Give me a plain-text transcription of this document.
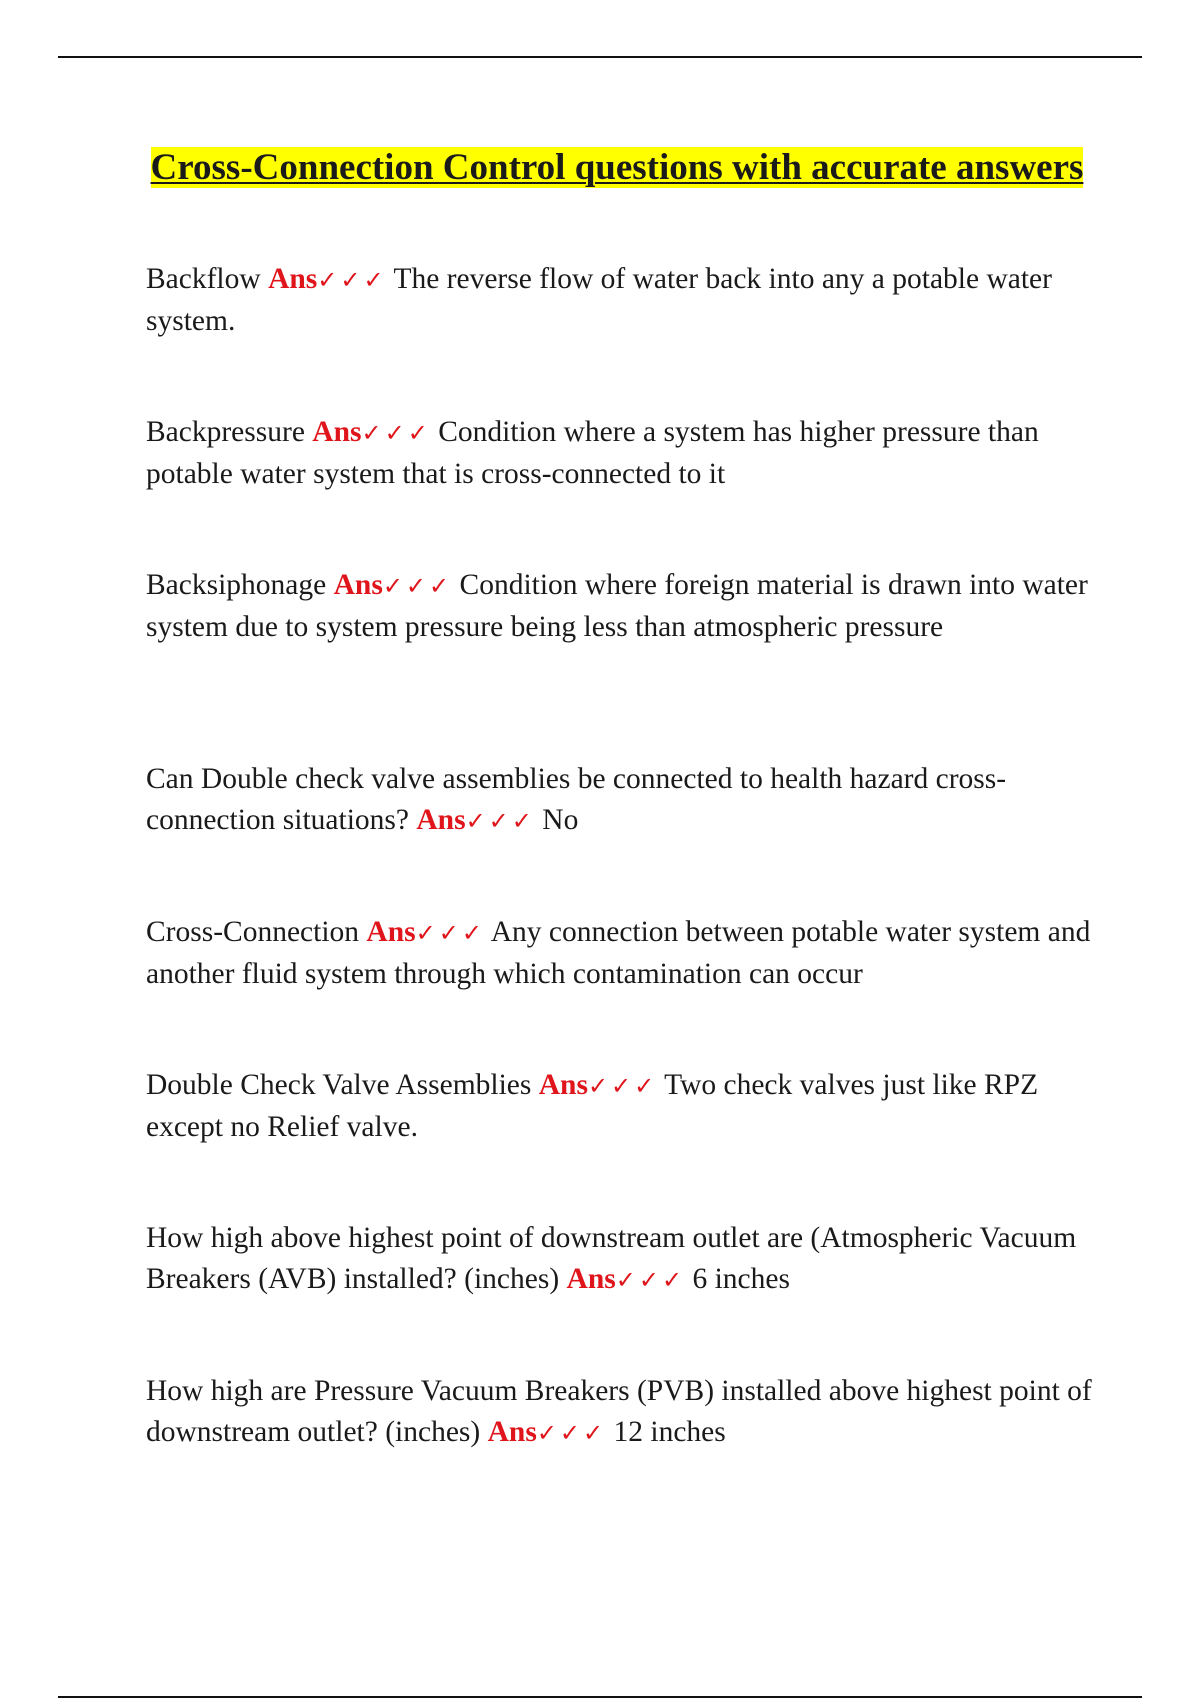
Cross-Connection Control questions with accurate answers

Backflow Ans✓✓✓ The reverse flow of water back into any a potable water system.

Backpressure Ans✓✓✓ Condition where a system has higher pressure than potable water system that is cross-connected to it

Backsiphonage Ans✓✓✓ Condition where foreign material is drawn into water system due to system pressure being less than atmospheric pressure

Can Double check valve assemblies be connected to health hazard cross-connection situations? Ans✓✓✓ No

Cross-Connection Ans✓✓✓ Any connection between potable water system and another fluid system through which contamination can occur

Double Check Valve Assemblies Ans✓✓✓ Two check valves just like RPZ except no Relief valve.

How high above highest point of downstream outlet are (Atmospheric Vacuum Breakers (AVB) installed? (inches) Ans✓✓✓ 6 inches

How high are Pressure Vacuum Breakers (PVB) installed above highest point of downstream outlet? (inches) Ans✓✓✓ 12 inches
